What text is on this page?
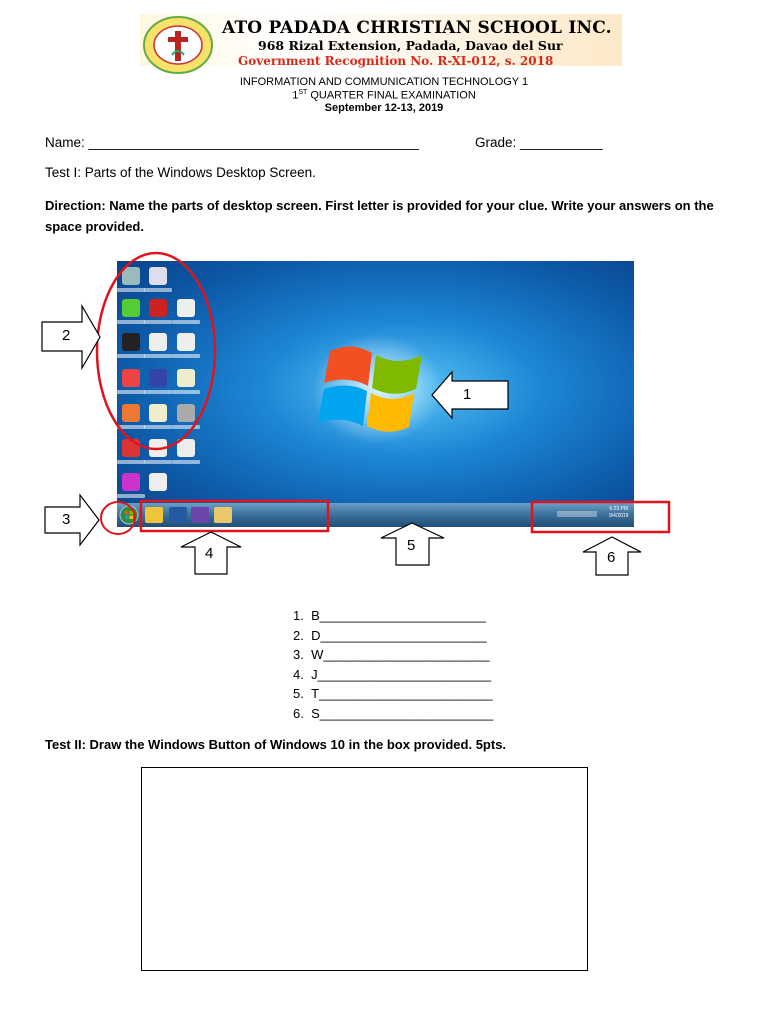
ATO PADADA CHRISTIAN SCHOOL INC.
968 Rizal Extension, Padada, Davao del Sur
Government Recognition No. R-XI-012, s. 2018
INFORMATION AND COMMUNICATION TECHNOLOGY 1
1ST QUARTER FINAL EXAMINATION
September 12-13, 2019
Name: ____________________________________________	Grade: ___________
Test I: Parts of the Windows Desktop Screen.
Direction: Name the parts of desktop screen. First letter is provided for your clue. Write your answers on the space provided.
6:23 PM
9/4/2019
1
2
3
4	5
6
1. B_______________________
2. D_______________________
3. W_______________________
4. J________________________
5. T________________________
6. S________________________
Test II: Draw the Windows Button of Windows 10 in the box provided. 5pts.
